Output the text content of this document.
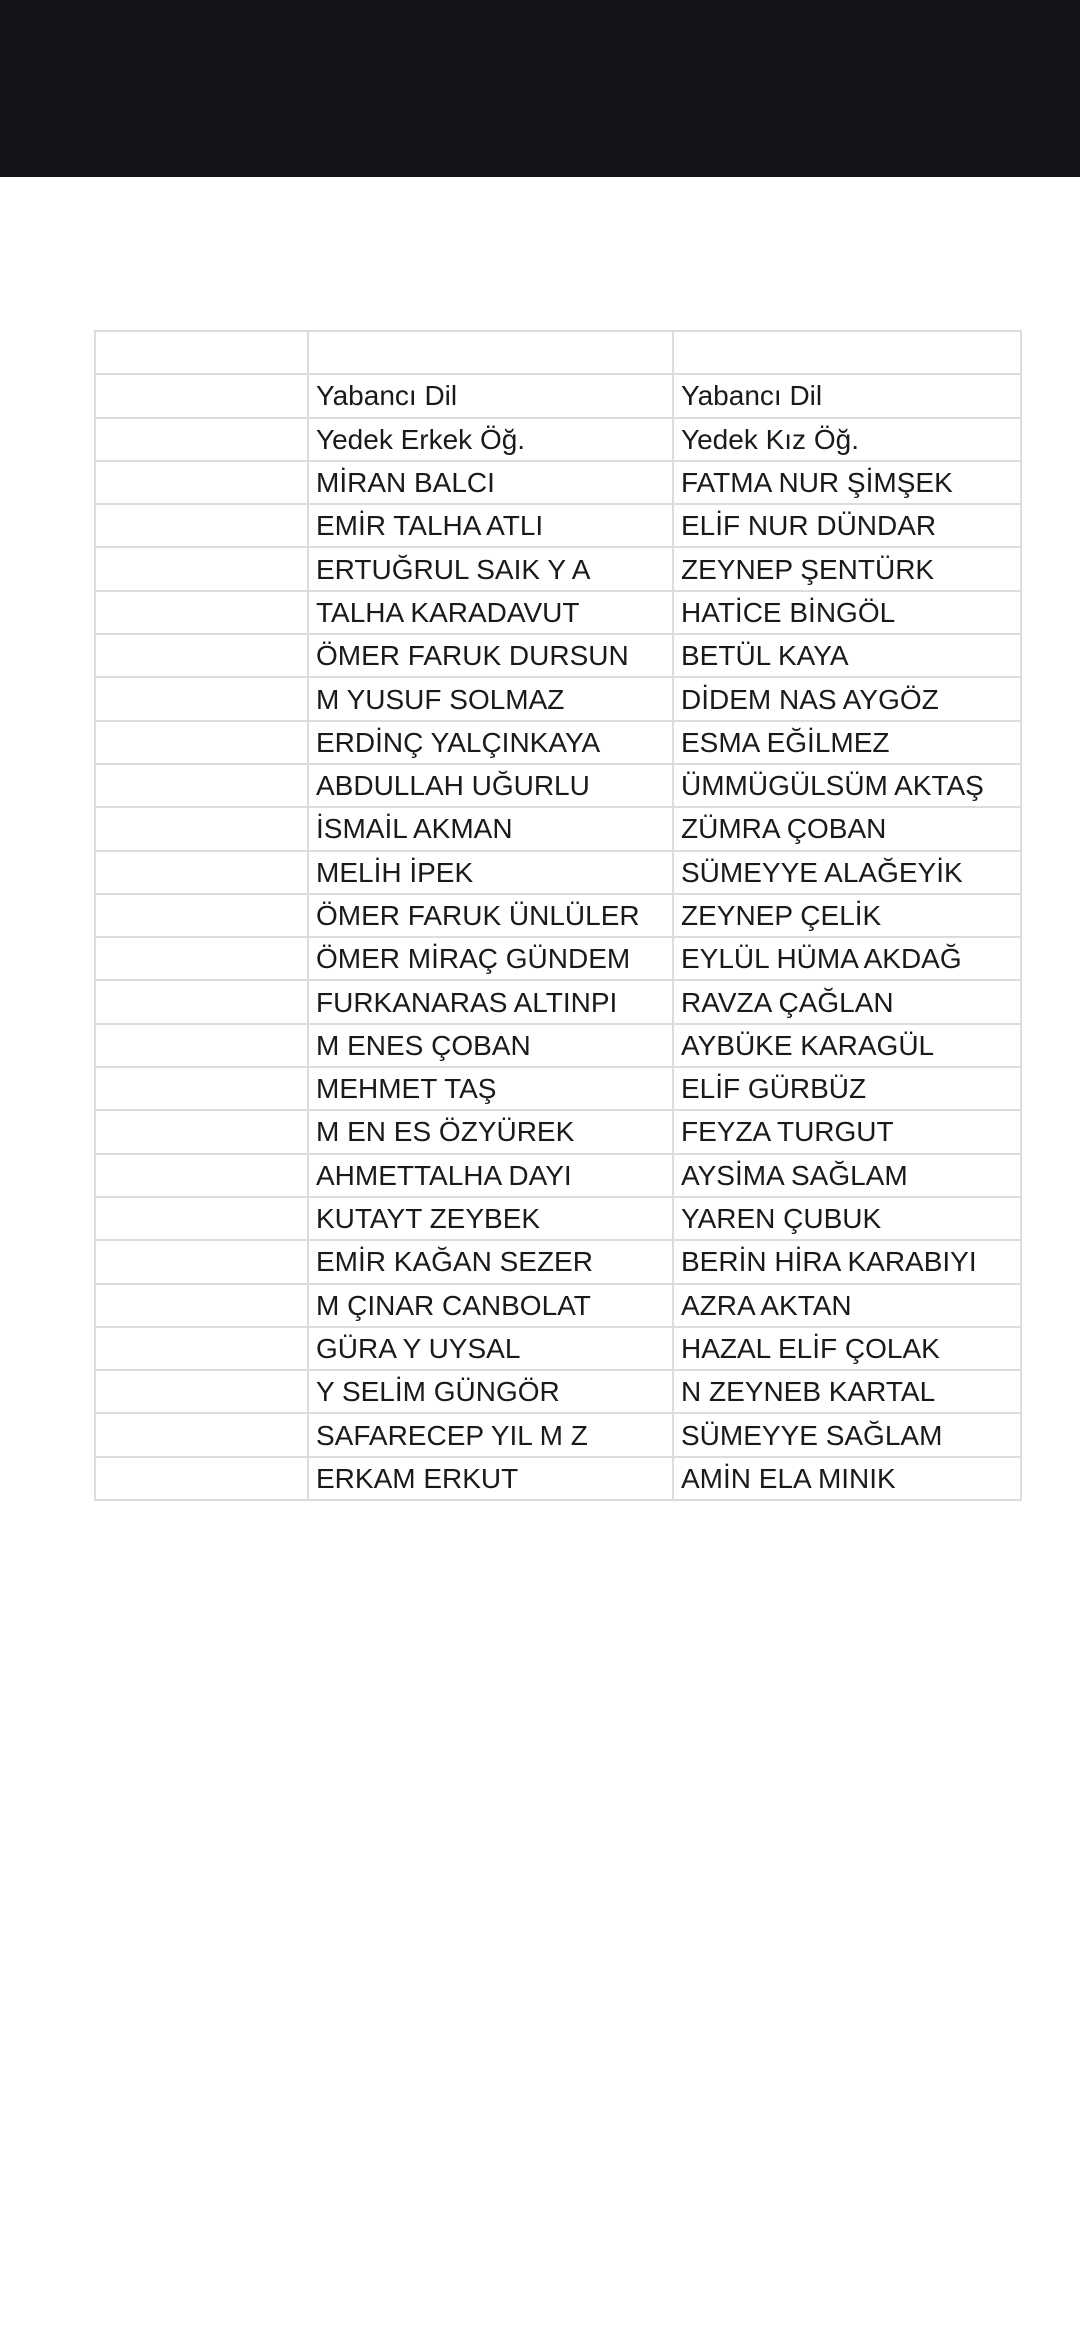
	Yabancı Dil	Yabancı Dil
	Yedek Erkek Öğ.	Yedek Kız Öğ.
	MİRAN BALCI	FATMA NUR ŞİMŞEK
	EMİR TALHA ATLI	ELİF NUR DÜNDAR
	ERTUĞRUL SAIK Y A	ZEYNEP ŞENTÜRK
	TALHA KARADAVUT	HATİCE BİNGÖL
	ÖMER FARUK DURSUN	BETÜL KAYA
	M YUSUF SOLMAZ	DİDEM NAS AYGÖZ
	ERDİNÇ YALÇINKAYA	ESMA EĞİLMEZ
	ABDULLAH UĞURLU	ÜMMÜGÜLSÜM AKTAŞ
	İSMAİL AKMAN	ZÜMRA ÇOBAN
	MELİH İPEK	SÜMEYYE ALAĞEYİK
	ÖMER FARUK ÜNLÜLER	ZEYNEP ÇELİK
	ÖMER MİRAÇ GÜNDEM	EYLÜL HÜMA AKDAĞ
	FURKANARAS ALTINPI	RAVZA ÇAĞLAN
	M ENES ÇOBAN	AYBÜKE KARAGÜL
	MEHMET TAŞ	ELİF GÜRBÜZ
	M EN ES ÖZYÜREK	FEYZA TURGUT
	AHMETTALHA DAYI	AYSİMA SAĞLAM
	KUTAYT ZEYBEK	YAREN ÇUBUK
	EMİR KAĞAN SEZER	BERİN HİRA KARABIYI
	M ÇINAR CANBOLAT	AZRA AKTAN
	GÜRA Y UYSAL	HAZAL ELİF ÇOLAK
	Y SELİM GÜNGÖR	N ZEYNEB KARTAL
	SAFARECEP YIL M Z	SÜMEYYE SAĞLAM
	ERKAM ERKUT	AMİN ELA MINIK
